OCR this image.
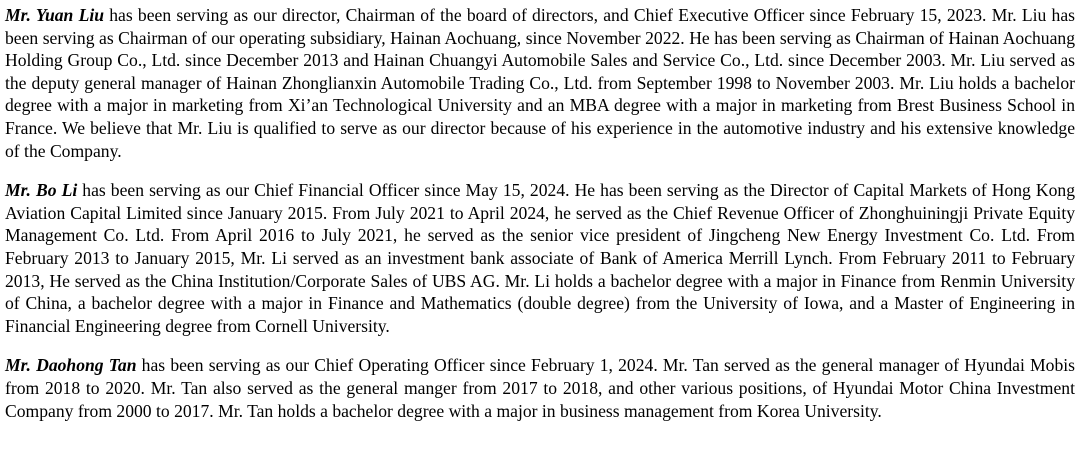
Mr. Yuan Liu has been serving as our director, Chairman of the board of directors, and Chief Executive Officer since February 15, 2023. Mr. Liu has been serving as Chairman of our operating subsidiary, Hainan Aochuang, since November 2022. He has been serving as Chairman of Hainan Aochuang Holding Group Co., Ltd. since December 2013 and Hainan Chuangyi Automobile Sales and Service Co., Ltd. since December 2003. Mr. Liu served as the deputy general manager of Hainan Zhonglianxin Automobile Trading Co., Ltd. from September 1998 to November 2003. Mr. Liu holds a bachelor degree with a major in marketing from Xi’an Technological University and an MBA degree with a major in marketing from Brest Business School in France. We believe that Mr. Liu is qualified to serve as our director because of his experience in the automotive industry and his extensive knowledge of the Company.

Mr. Bo Li has been serving as our Chief Financial Officer since May 15, 2024. He has been serving as the Director of Capital Markets of Hong Kong Aviation Capital Limited since January 2015. From July 2021 to April 2024, he served as the Chief Revenue Officer of Zhonghuiningji Private Equity Management Co. Ltd. From April 2016 to July 2021, he served as the senior vice president of Jingcheng New Energy Investment Co. Ltd. From February 2013 to January 2015, Mr. Li served as an investment bank associate of Bank of America Merrill Lynch. From February 2011 to February 2013, He served as the China Institution/Corporate Sales of UBS AG. Mr. Li holds a bachelor degree with a major in Finance from Renmin University of China, a bachelor degree with a major in Finance and Mathematics (double degree) from the University of Iowa, and a Master of Engineering in Financial Engineering degree from Cornell University.

Mr. Daohong Tan has been serving as our Chief Operating Officer since February 1, 2024. Mr. Tan served as the general manager of Hyundai Mobis from 2018 to 2020. Mr. Tan also served as the general manger from 2017 to 2018, and other various positions, of Hyundai Motor China Investment Company from 2000 to 2017. Mr. Tan holds a bachelor degree with a major in business management from Korea University.
